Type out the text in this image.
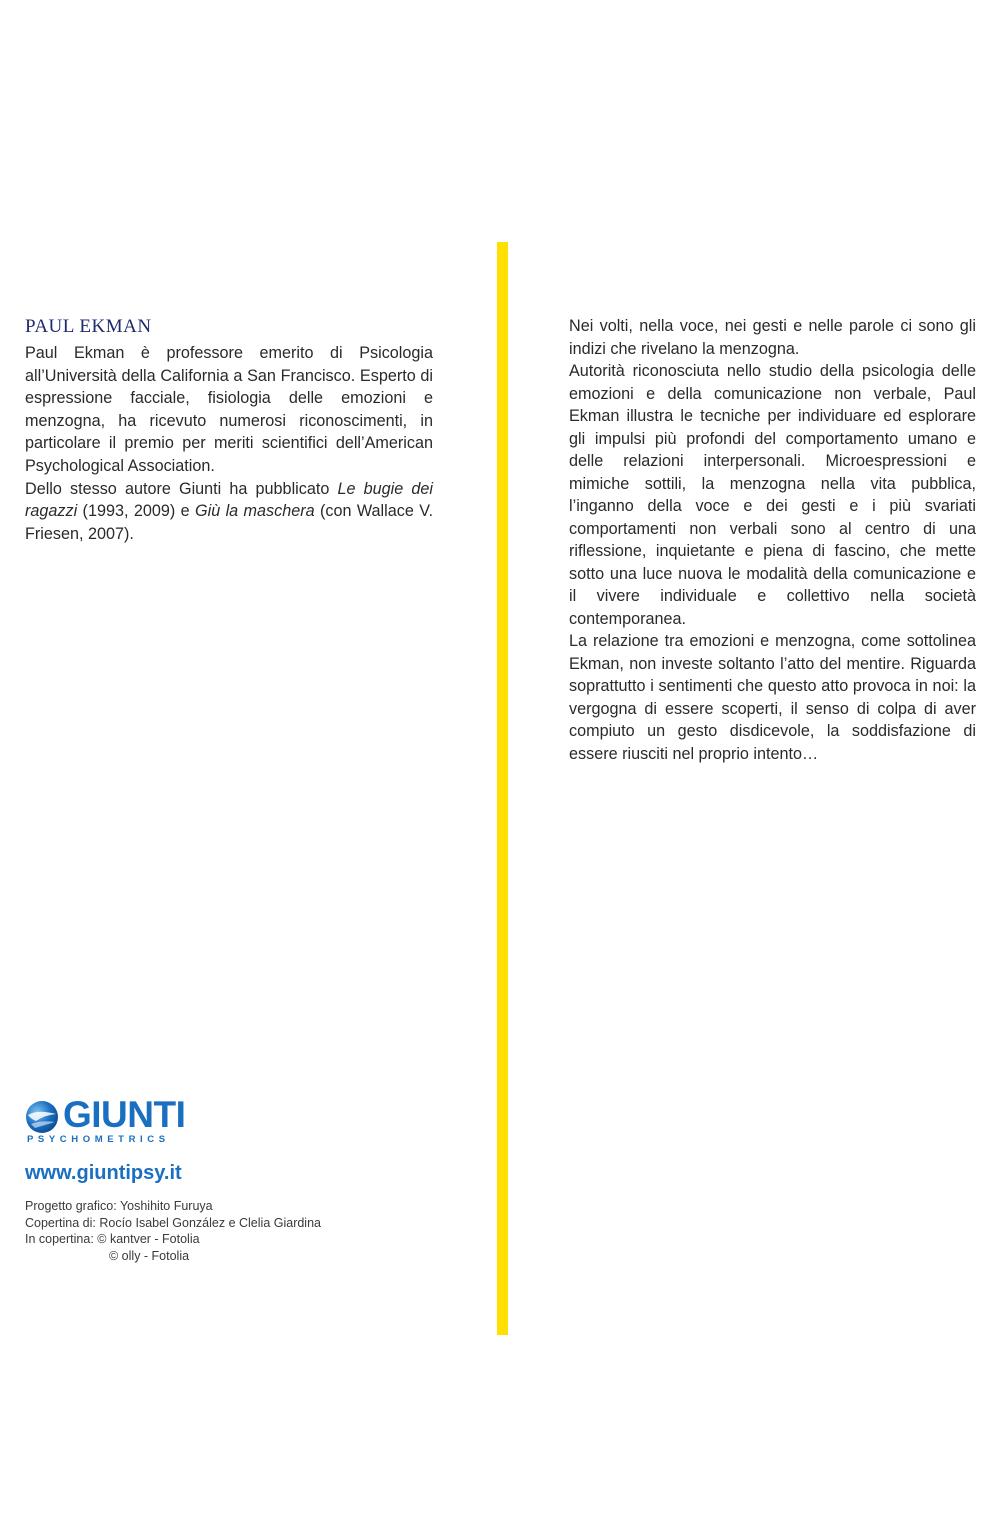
PAUL EKMAN

Paul Ekman è professore emerito di Psicologia all’Università della California a San Francisco. Esperto di espressione facciale, fisiologia delle emozioni e menzogna, ha ricevuto numerosi riconoscimenti, in particolare il premio per meriti scientifici dell’American Psychological Association.

Dello stesso autore Giunti ha pubblicato Le bugie dei ragazzi (1993, 2009) e Giù la maschera (con Wallace V. Friesen, 2007).

Nei volti, nella voce, nei gesti e nelle parole ci sono gli indizi che rivelano la menzogna.

Autorità riconosciuta nello studio della psicologia delle emozioni e della comunicazione non verbale, Paul Ekman illustra le tecniche per individuare ed esplorare gli impulsi più profondi del comportamento umano e delle relazioni interpersonali. Microespressioni e mimiche sottili, la menzogna nella vita pubblica, l’inganno della voce e dei gesti e i più svariati comportamenti non verbali sono al centro di una riflessione, inquietante e piena di fascino, che mette sotto una luce nuova le modalità della comunicazione e il vivere individuale e collettivo nella società contemporanea.

La relazione tra emozioni e menzogna, come sottolinea Ekman, non investe soltanto l’atto del mentire. Riguarda soprattutto i sentimenti che questo atto provoca in noi: la vergogna di essere scoperti, il senso di colpa di aver compiuto un gesto disdicevole, la soddisfazione di essere riusciti nel proprio intento…

GIUNTI
PSYCHOMETRICS
www.giuntipsy.it
Progetto grafico: Yoshihito Furuya
Copertina di: Rocío Isabel González e Clelia Giardina
In copertina: © kantver - Fotolia
© olly - Fotolia
